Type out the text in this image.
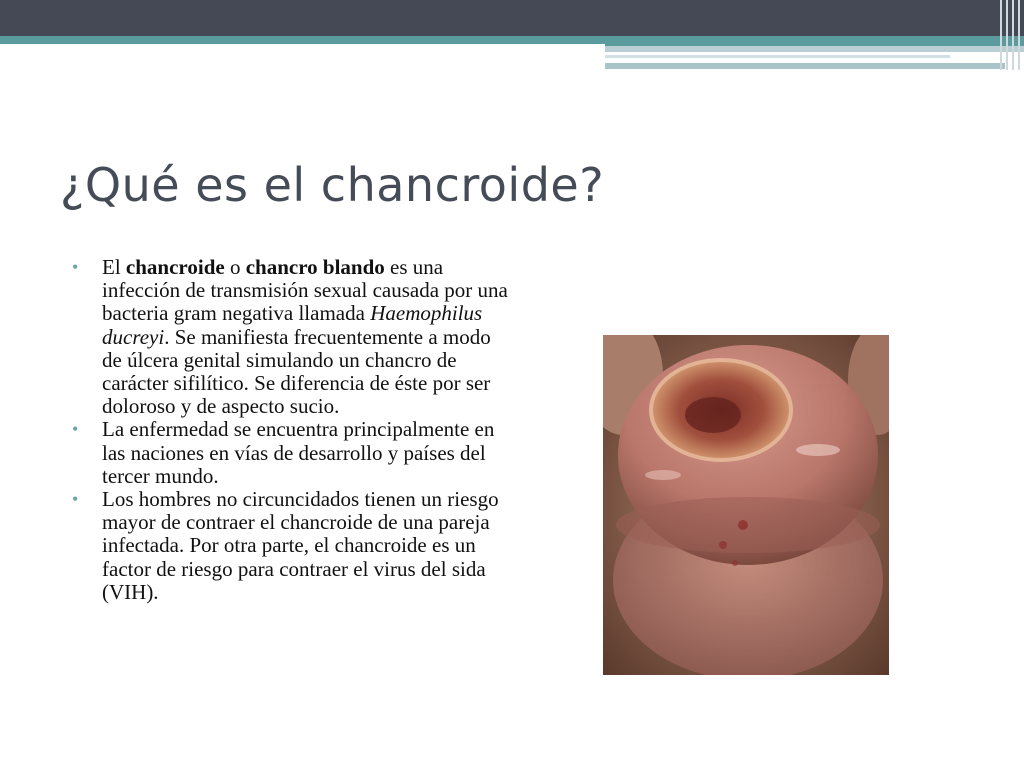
¿Qué es el chancroide?
• El chancroide o chancro blando es una infección de transmisión sexual causada por una bacteria gram negativa llamada Haemophilus ducreyi. Se manifiesta frecuentemente a modo de úlcera genital simulando un chancro de carácter sifilítico. Se diferencia de éste por ser doloroso y de aspecto sucio.
• La enfermedad se encuentra principalmente en las naciones en vías de desarrollo y países del tercer mundo.
• Los hombres no circuncidados tienen un riesgo mayor de contraer el chancroide de una pareja infectada. Por otra parte, el chancroide es un factor de riesgo para contraer el virus del sida (VIH).
